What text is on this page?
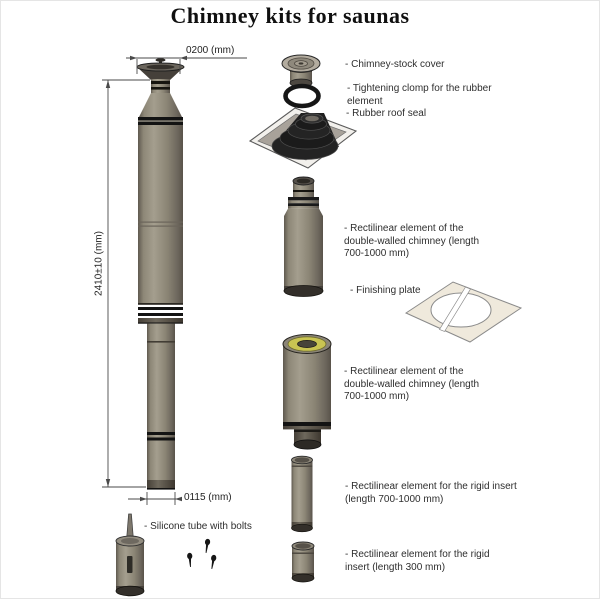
Chimney kits for saunas
0200 (mm)
2410±10 (mm)
0115 (mm)
- Chimney-stock cover
- Tightening clomp for the rubber element
- Rubber roof seal
- Rectilinear element of the double-walled chimney (length 700-1000 mm)
- Finishing plate
- Rectilinear element of the double-walled chimney (length 700-1000 mm)
- Rectilinear element for the rigid insert (length 700-1000 mm)
- Rectilinear element for the rigid insert (length 300 mm)
- Silicone tube with bolts
